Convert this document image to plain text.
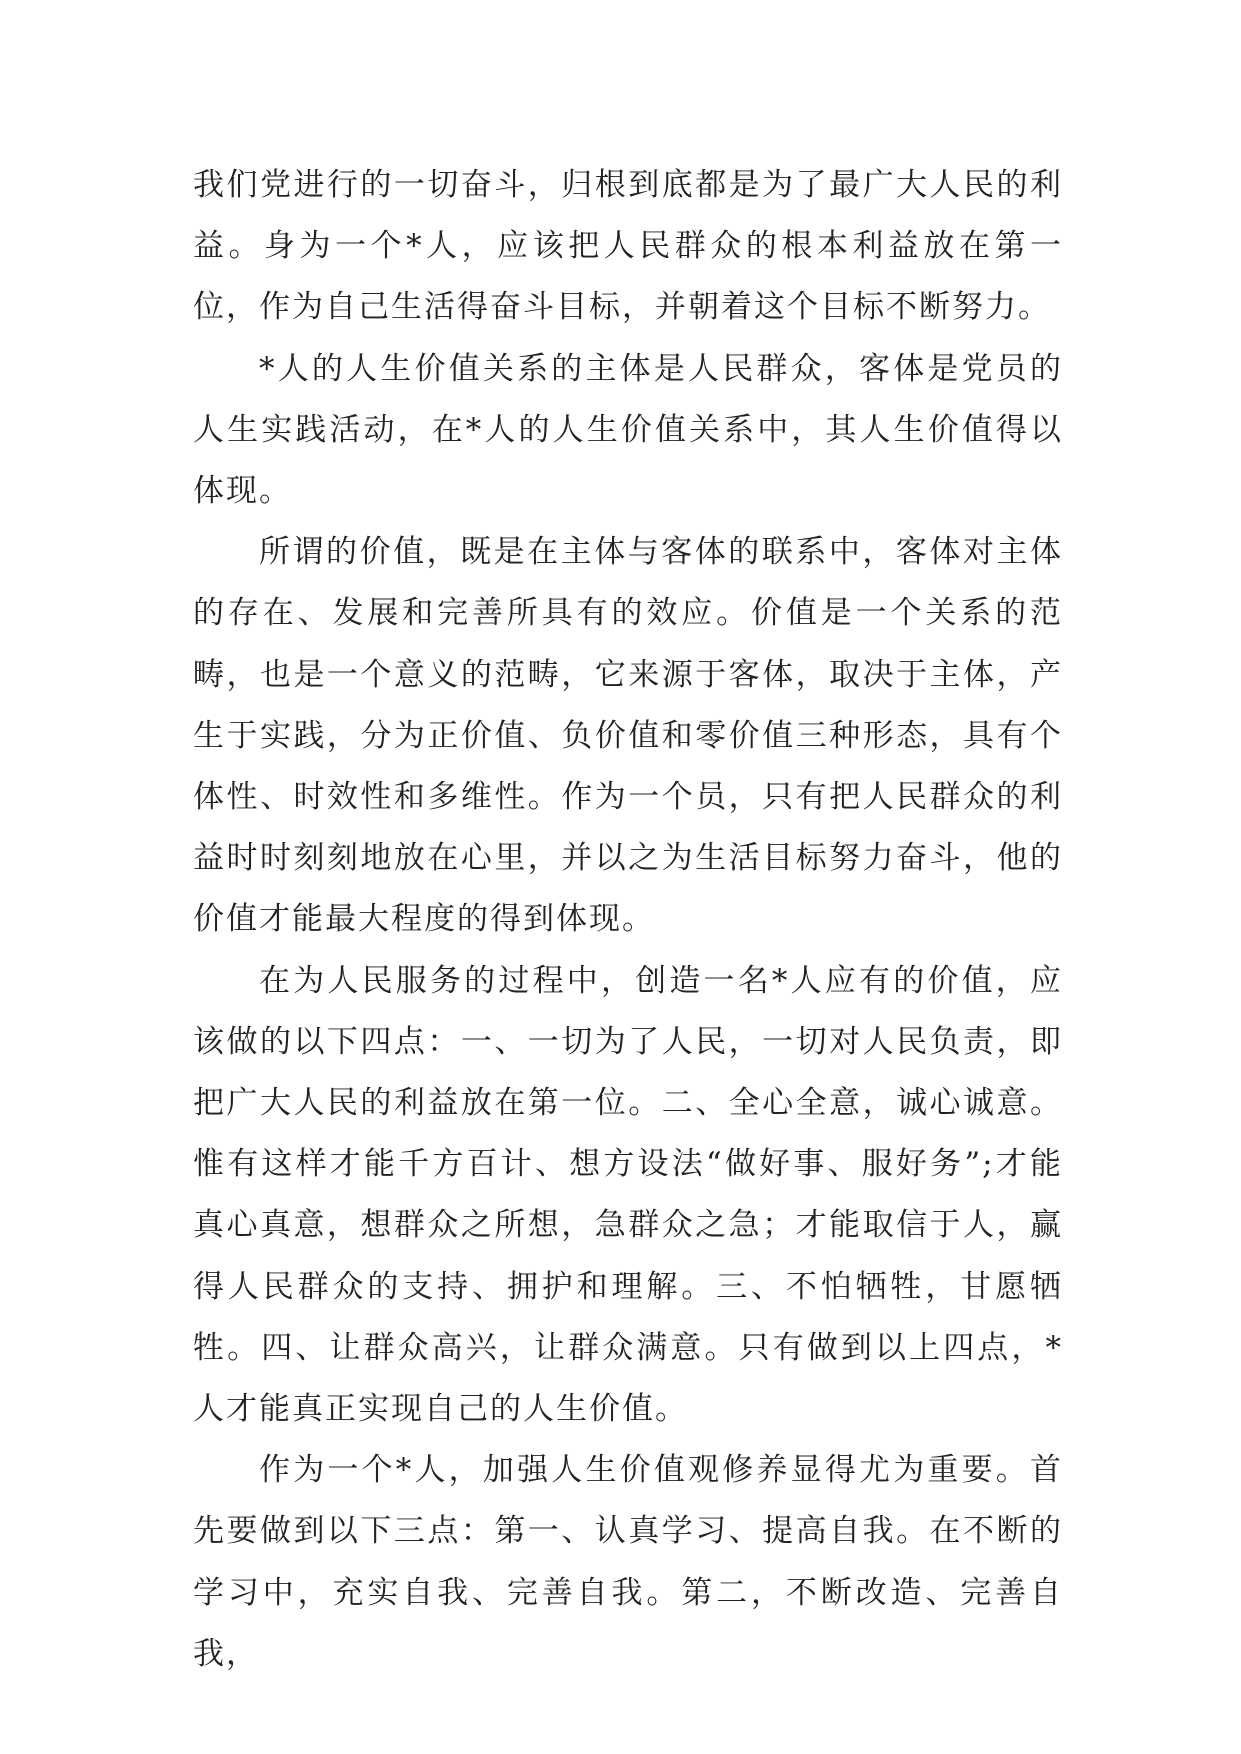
我们党进行的一切奋斗，归根到底都是为了最广大人民的利益。身为一个*人，应该把人民群众的根本利益放在第一位，作为自己生活得奋斗目标，并朝着这个目标不断努力。

*人的人生价值关系的主体是人民群众，客体是党员的人生实践活动，在*人的人生价值关系中，其人生价值得以体现。

所谓的价值，既是在主体与客体的联系中，客体对主体的存在、发展和完善所具有的效应。价值是一个关系的范畴，也是一个意义的范畴，它来源于客体，取决于主体，产生于实践，分为正价值、负价值和零价值三种形态，具有个体性、时效性和多维性。作为一个员，只有把人民群众的利益时时刻刻地放在心里，并以之为生活目标努力奋斗，他的价值才能最大程度的得到体现。

在为人民服务的过程中，创造一名*人应有的价值，应该做的以下四点：一、一切为了人民，一切对人民负责，即把广大人民的利益放在第一位。二、全心全意，诚心诚意。惟有这样才能千方百计、想方设法“做好事、服好务”;才能真心真意，想群众之所想，急群众之急；才能取信于人，赢得人民群众的支持、拥护和理解。三、不怕牺牲，甘愿牺牲。四、让群众高兴，让群众满意。只有做到以上四点，*人才能真正实现自己的人生价值。

作为一个*人，加强人生价值观修养显得尤为重要。首先要做到以下三点：第一、认真学习、提高自我。在不断的学习中，充实自我、完善自我。第二，不断改造、完善自我，
